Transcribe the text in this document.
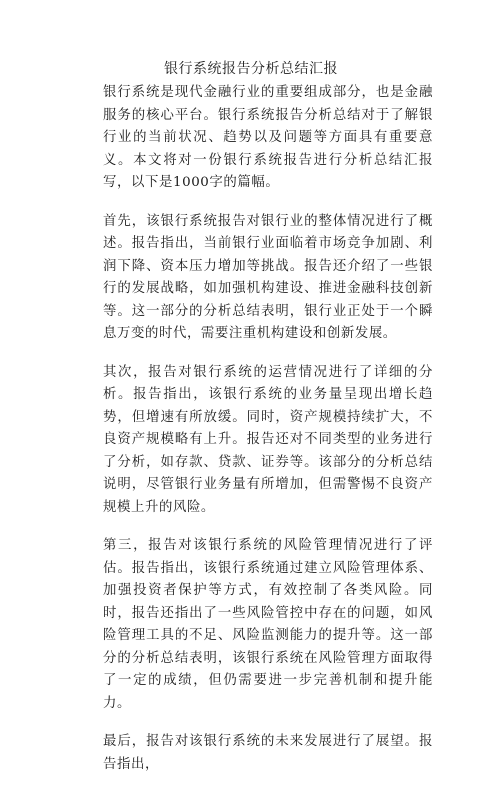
银行系统报告分析总结汇报

银行系统是现代金融行业的重要组成部分，也是金融服务的核心平台。银行系统报告分析总结对于了解银行业的当前状况、趋势以及问题等方面具有重要意义。本文将对一份银行系统报告进行分析总结汇报写，以下是1000字的篇幅。

首先，该银行系统报告对银行业的整体情况进行了概述。报告指出，当前银行业面临着市场竞争加剧、利润下降、资本压力增加等挑战。报告还介绍了一些银行的发展战略，如加强机构建设、推进金融科技创新等。这一部分的分析总结表明，银行业正处于一个瞬息万变的时代，需要注重机构建设和创新发展。

其次，报告对银行系统的运营情况进行了详细的分析。报告指出，该银行系统的业务量呈现出增长趋势，但增速有所放缓。同时，资产规模持续扩大，不良资产规模略有上升。报告还对不同类型的业务进行了分析，如存款、贷款、证券等。该部分的分析总结说明，尽管银行业务量有所增加，但需警惕不良资产规模上升的风险。

第三，报告对该银行系统的风险管理情况进行了评估。报告指出，该银行系统通过建立风险管理体系、加强投资者保护等方式，有效控制了各类风险。同时，报告还指出了一些风险管控中存在的问题，如风险管理工具的不足、风险监测能力的提升等。这一部分的分析总结表明，该银行系统在风险管理方面取得了一定的成绩，但仍需要进一步完善机制和提升能力。

最后，报告对该银行系统的未来发展进行了展望。报告指出，
